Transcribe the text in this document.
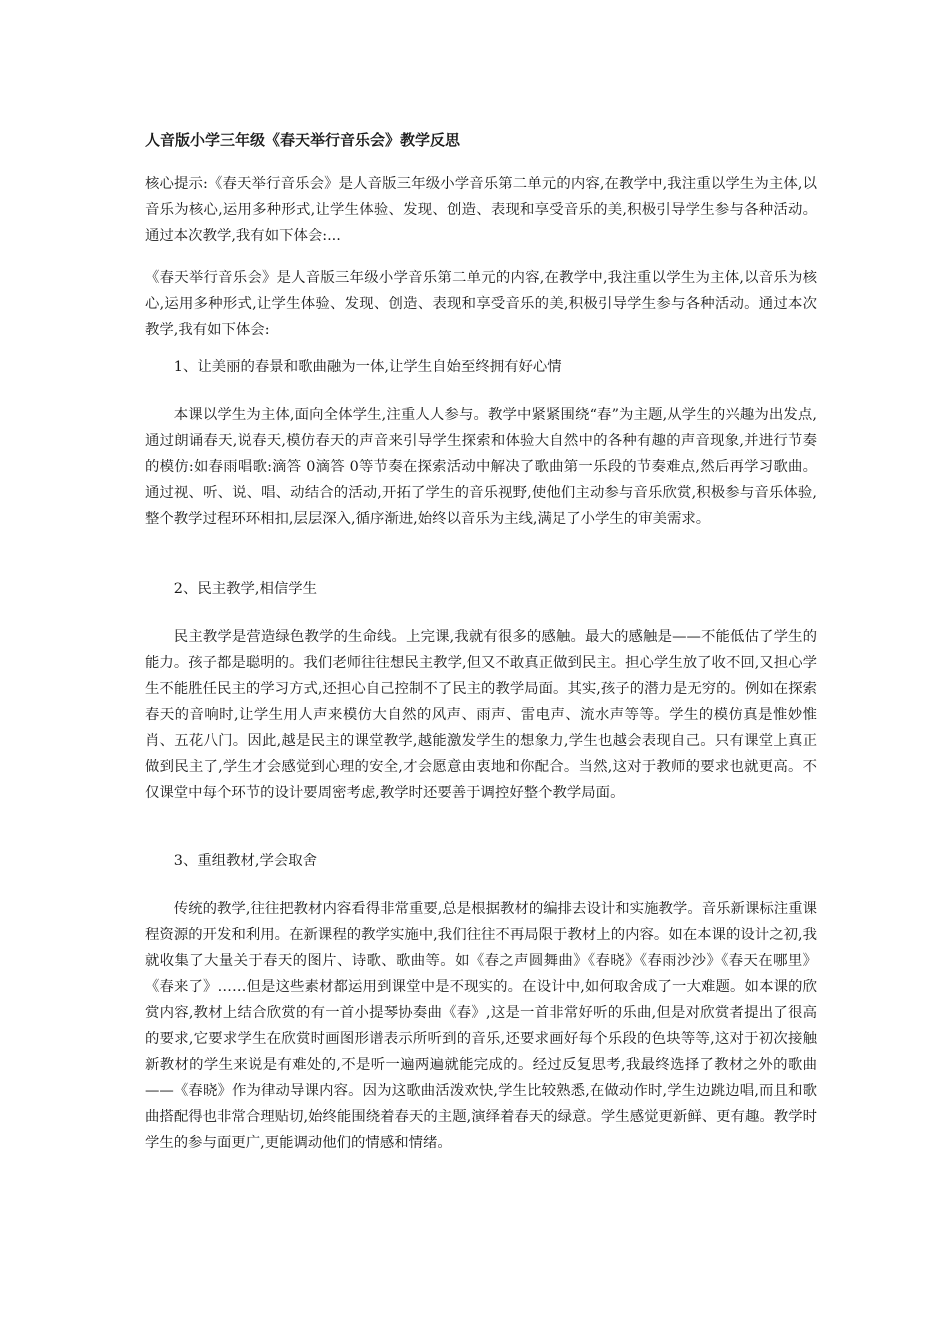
人音版小学三年级《春天举行音乐会》教学反思

核心提示:《春天举行音乐会》是人音版三年级小学音乐第二单元的内容,在教学中,我注重以学生为主体,以音乐为核心,运用多种形式,让学生体验、发现、创造、表现和享受音乐的美,积极引导学生参与各种活动。通过本次教学,我有如下体会:...

《春天举行音乐会》是人音版三年级小学音乐第二单元的内容,在教学中,我注重以学生为主体,以音乐为核心,运用多种形式,让学生体验、发现、创造、表现和享受音乐的美,积极引导学生参与各种活动。通过本次教学,我有如下体会:

1、让美丽的春景和歌曲融为一体,让学生自始至终拥有好心情

本课以学生为主体,面向全体学生,注重人人参与。教学中紧紧围绕“春”为主题,从学生的兴趣为出发点,通过朗诵春天,说春天,模仿春天的声音来引导学生探索和体验大自然中的各种有趣的声音现象,并进行节奏的模仿:如春雨唱歌:滴答 0滴答 0等节奏在探索活动中解决了歌曲第一乐段的节奏难点,然后再学习歌曲。通过视、听、说、唱、动结合的活动,开拓了学生的音乐视野,使他们主动参与音乐欣赏,积极参与音乐体验,整个教学过程环环相扣,层层深入,循序渐进,始终以音乐为主线,满足了小学生的审美需求。

2、民主教学,相信学生

民主教学是营造绿色教学的生命线。上完课,我就有很多的感触。最大的感触是——不能低估了学生的能力。孩子都是聪明的。我们老师往往想民主教学,但又不敢真正做到民主。担心学生放了收不回,又担心学生不能胜任民主的学习方式,还担心自己控制不了民主的教学局面。其实,孩子的潜力是无穷的。例如在探索春天的音响时,让学生用人声来模仿大自然的风声、雨声、雷电声、流水声等等。学生的模仿真是惟妙惟肖、五花八门。因此,越是民主的课堂教学,越能激发学生的想象力,学生也越会表现自己。只有课堂上真正做到民主了,学生才会感觉到心理的安全,才会愿意由衷地和你配合。当然,这对于教师的要求也就更高。不仅课堂中每个环节的设计要周密考虑,教学时还要善于调控好整个教学局面。

3、重组教材,学会取舍

传统的教学,往往把教材内容看得非常重要,总是根据教材的编排去设计和实施教学。音乐新课标注重课程资源的开发和利用。在新课程的教学实施中,我们往往不再局限于教材上的内容。如在本课的设计之初,我就收集了大量关于春天的图片、诗歌、歌曲等。如《春之声圆舞曲》《春晓》《春雨沙沙》《春天在哪里》《春来了》……但是这些素材都运用到课堂中是不现实的。在设计中,如何取舍成了一大难题。如本课的欣赏内容,教材上结合欣赏的有一首小提琴协奏曲《春》,这是一首非常好听的乐曲,但是对欣赏者提出了很高的要求,它要求学生在欣赏时画图形谱表示所听到的音乐,还要求画好每个乐段的色块等等,这对于初次接触新教材的学生来说是有难处的,不是听一遍两遍就能完成的。经过反复思考,我最终选择了教材之外的歌曲——《春晓》作为律动导课内容。因为这歌曲活泼欢快,学生比较熟悉,在做动作时,学生边跳边唱,而且和歌曲搭配得也非常合理贴切,始终能围绕着春天的主题,演绎着春天的绿意。学生感觉更新鲜、更有趣。教学时学生的参与面更广,更能调动他们的情感和情绪。
